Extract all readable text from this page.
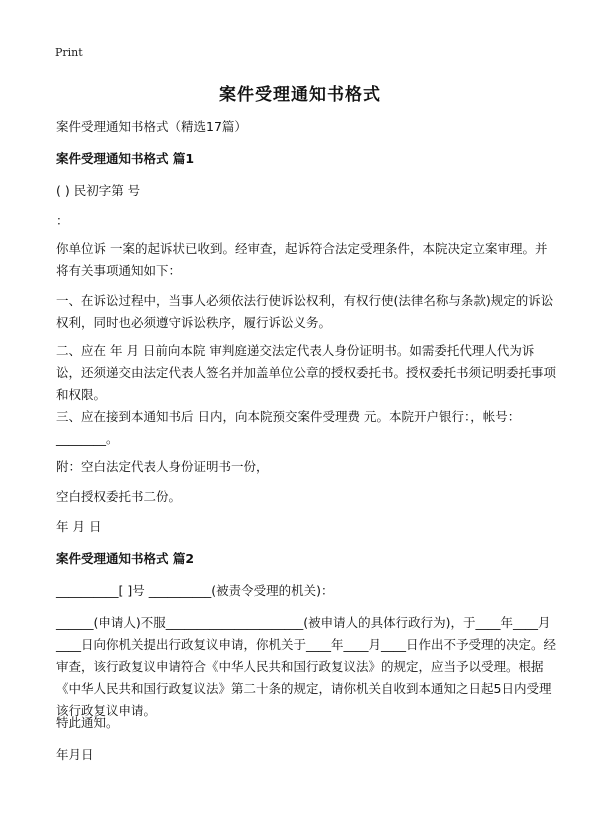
Print
案件受理通知书格式

案件受理通知书格式（精选17篇）

案件受理通知书格式 篇1

( ) 民初字第 号

：

你单位诉 一案的起诉状已收到。经审查，起诉符合法定受理条件，本院决定立案审理。并将有关事项通知如下：

一、在诉讼过程中，当事人必须依法行使诉讼权利，有权行使(法律名称与条款)规定的诉讼权利，同时也必须遵守诉讼秩序，履行诉讼义务。

二、应在 年 月 日前向本院 审判庭递交法定代表人身份证明书。如需委托代理人代为诉讼，还须递交由法定代表人签名并加盖单位公章的授权委托书。授权委托书须记明委托事项和权限。

三、应在接到本通知书后 日内，向本院预交案件受理费 元。本院开户银行：，帐号：________。

附：空白法定代表人身份证明书一份，

空白授权委托书二份。

年 月 日

案件受理通知书格式 篇2

__________[ ]号 __________(被责令受理的机关)：

______(申请人)不服______________________(被申请人的具体行政行为)，于____年____月____日向你机关提出行政复议申请，你机关于____年____月____日作出不予受理的决定。经审查，该行政复议申请符合《中华人民共和国行政复议法》的规定，应当予以受理。根据《中华人民共和国行政复议法》第二十条的规定，请你机关自收到本通知之日起5日内受理该行政复议申请。

特此通知。

年月日
